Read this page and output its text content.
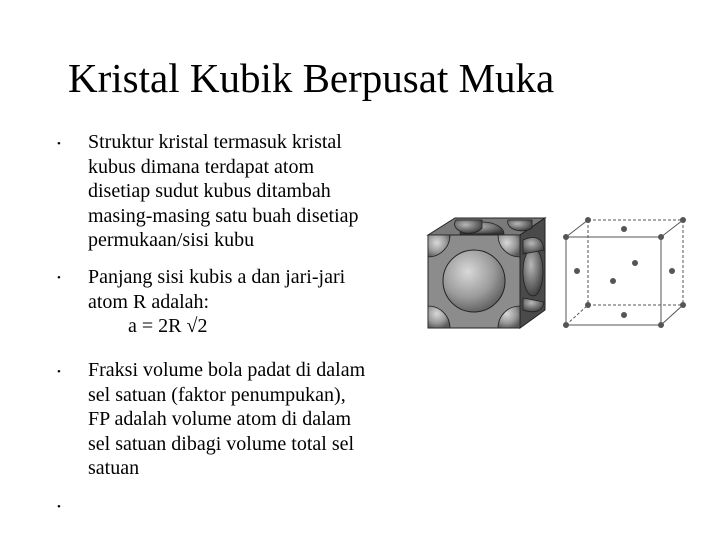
Kristal Kubik Berpusat Muka
• Struktur kristal termasuk kristal
kubus dimana terdapat atom
disetiap sudut kubus ditambah
masing-masing satu buah disetiap
permukaan/sisi kubu
• Panjang sisi kubis a dan jari-jari
atom R adalah:
a = 2R √2
• Fraksi volume bola padat di dalam
sel satuan (faktor penumpukan),
FP adalah volume atom di dalam
sel satuan dibagi volume total sel
satuan
•
